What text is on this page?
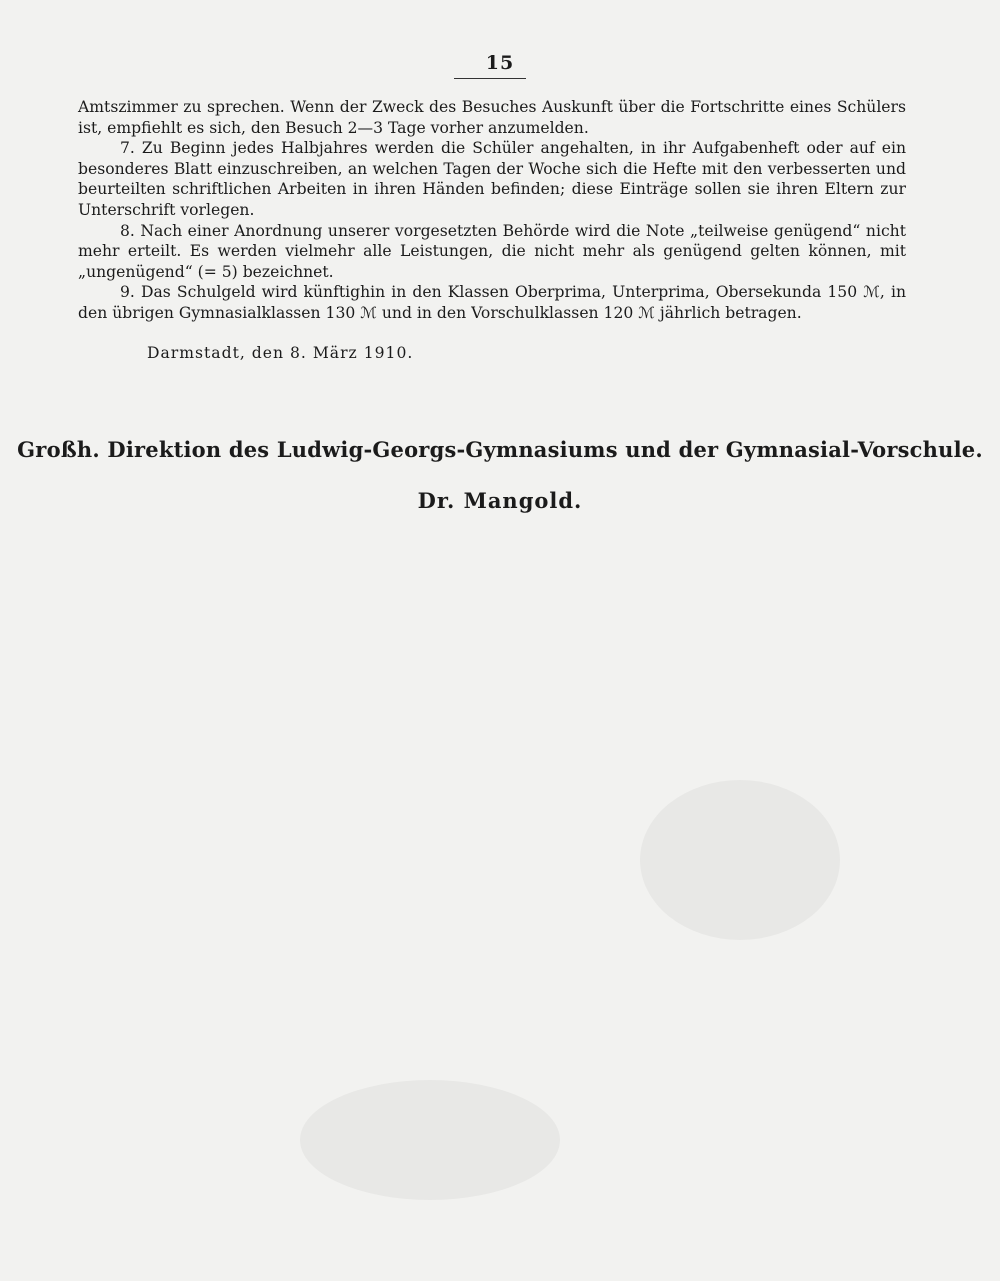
15

Amtszimmer zu sprechen. Wenn der Zweck des Besuches Auskunft über die Fortschritte eines Schülers ist, empfiehlt es sich, den Besuch 2—3 Tage vorher anzumelden.

7. Zu Beginn jedes Halbjahres werden die Schüler angehalten, in ihr Aufgabenheft oder auf ein besonderes Blatt einzuschreiben, an welchen Tagen der Woche sich die Hefte mit den verbesserten und beurteilten schriftlichen Arbeiten in ihren Händen befinden; diese Einträge sollen sie ihren Eltern zur Unterschrift vorlegen.

8. Nach einer Anordnung unserer vorgesetzten Behörde wird die Note „teilweise genügend“ nicht mehr erteilt. Es werden vielmehr alle Leistungen, die nicht mehr als genügend gelten können, mit „ungenügend“ (= 5) bezeichnet.

9. Das Schulgeld wird künftighin in den Klassen Oberprima, Unterprima, Obersekunda 150 ℳ, in den übrigen Gymnasialklassen 130 ℳ und in den Vorschulklassen 120 ℳ jährlich betragen.

Darmstadt, den 8. März 1910.
Großh. Direktion des Ludwig-Georgs-Gymnasiums und der Gymnasial-Vorschule.
Dr. Mangold.
